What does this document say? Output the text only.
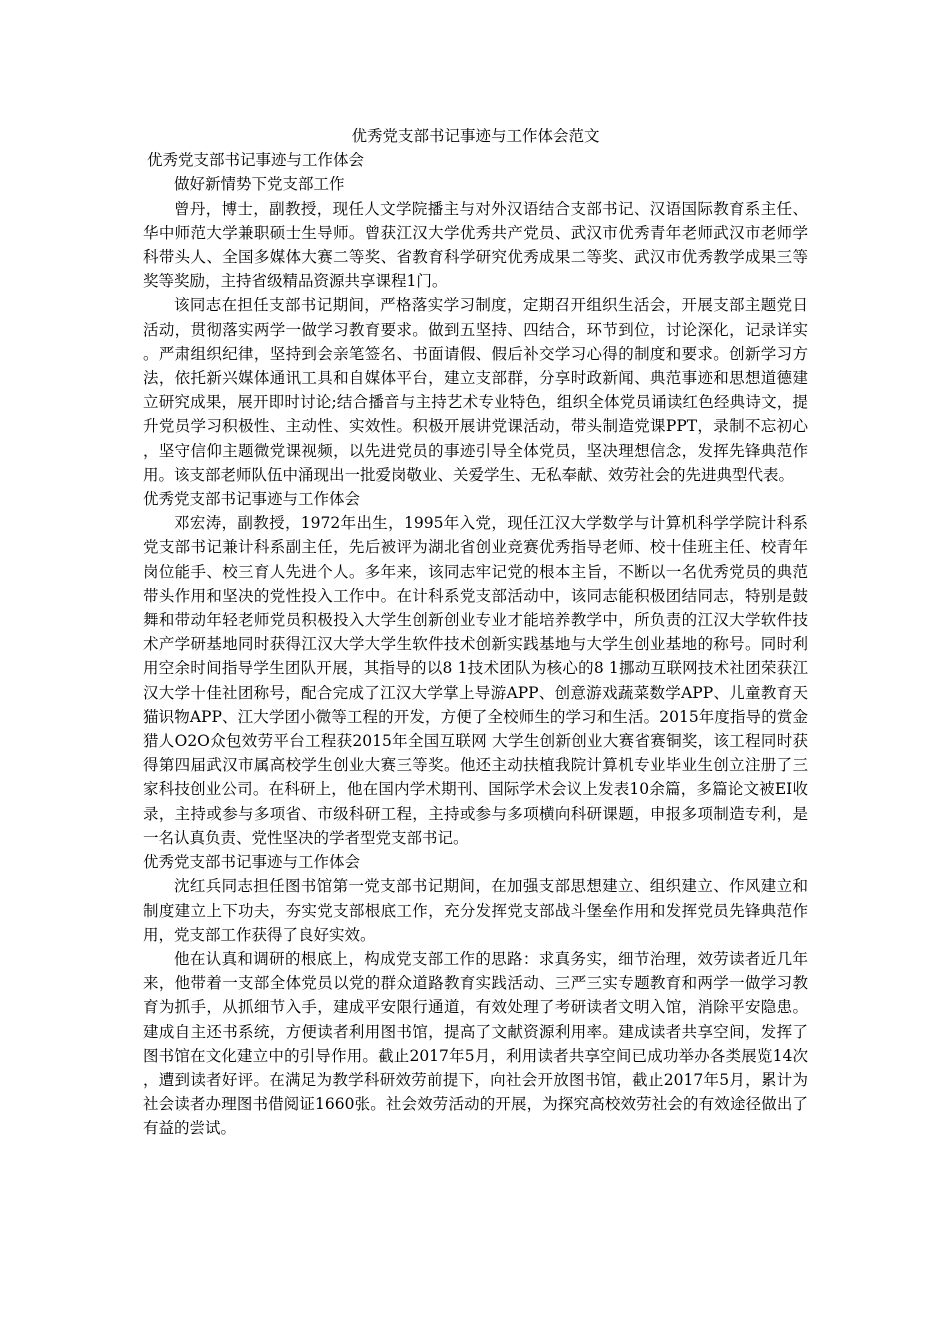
优秀党支部书记事迹与工作体会范文

优秀党支部书记事迹与工作体会

做好新情势下党支部工作

曾丹，博士，副教授，现任人文学院播主与对外汉语结合支部书记、汉语国际教育系主任、华中师范大学兼职硕士生导师。曾获江汉大学优秀共产党员、武汉市优秀青年老师武汉市老师学科带头人、全国多媒体大赛二等奖、省教育科学研究优秀成果二等奖、武汉市优秀教学成果三等奖等奖励，主持省级精品资源共享课程1门。

该同志在担任支部书记期间，严格落实学习制度，定期召开组织生活会，开展支部主题党日活动，贯彻落实两学一做学习教育要求。做到五坚持、四结合，环节到位，讨论深化，记录详实。严肃组织纪律，坚持到会亲笔签名、书面请假、假后补交学习心得的制度和要求。创新学习方法，依托新兴媒体通讯工具和自媒体平台，建立支部群，分享时政新闻、典范事迹和思想道德建立研究成果，展开即时讨论;结合播音与主持艺术专业特色，组织全体党员诵读红色经典诗文，提升党员学习积极性、主动性、实效性。积极开展讲党课活动，带头制造党课PPT，录制不忘初心，坚守信仰主题微党课视频，以先进党员的事迹引导全体党员，坚决理想信念，发挥先锋典范作用。该支部老师队伍中涌现出一批爱岗敬业、关爱学生、无私奉献、效劳社会的先进典型代表。

优秀党支部书记事迹与工作体会

邓宏涛，副教授，1972年出生，1995年入党，现任江汉大学数学与计算机科学学院计科系党支部书记兼计科系副主任，先后被评为湖北省创业竞赛优秀指导老师、校十佳班主任、校青年岗位能手、校三育人先进个人。多年来，该同志牢记党的根本主旨，不断以一名优秀党员的典范带头作用和坚决的党性投入工作中。在计科系党支部活动中，该同志能积极团结同志，特别是鼓舞和带动年轻老师党员积极投入大学生创新创业专业才能培养教学中，所负责的江汉大学软件技术产学研基地同时获得江汉大学大学生软件技术创新实践基地与大学生创业基地的称号。同时利用空余时间指导学生团队开展，其指导的以8 1技术团队为核心的8 1挪动互联网技术社团荣获江汉大学十佳社团称号，配合完成了江汉大学掌上导游APP、创意游戏蔬菜数学APP、儿童教育天猫识物APP、江大学团小微等工程的开发，方便了全校师生的学习和生活。2015年度指导的赏金猎人O2O众包效劳平台工程获2015年全国互联网 大学生创新创业大赛省赛铜奖，该工程同时获得第四届武汉市属高校学生创业大赛三等奖。他还主动扶植我院计算机专业毕业生创立注册了三家科技创业公司。在科研上，他在国内学术期刊、国际学术会议上发表10余篇，多篇论文被EI收录，主持或参与多项省、市级科研工程，主持或参与多项横向科研课题，申报多项制造专利，是一名认真负责、党性坚决的学者型党支部书记。

优秀党支部书记事迹与工作体会

沈红兵同志担任图书馆第一党支部书记期间，在加强支部思想建立、组织建立、作风建立和制度建立上下功夫，夯实党支部根底工作，充分发挥党支部战斗堡垒作用和发挥党员先锋典范作用，党支部工作获得了良好实效。

他在认真和调研的根底上，构成党支部工作的思路：求真务实，细节治理，效劳读者近几年来，他带着一支部全体党员以党的群众道路教育实践活动、三严三实专题教育和两学一做学习教育为抓手，从抓细节入手，建成平安限行通道，有效处理了考研读者文明入馆，消除平安隐患。建成自主还书系统，方便读者利用图书馆，提高了文献资源利用率。建成读者共享空间，发挥了图书馆在文化建立中的引导作用。截止2017年5月，利用读者共享空间已成功举办各类展览14次，遭到读者好评。在满足为教学科研效劳前提下，向社会开放图书馆，截止2017年5月，累计为社会读者办理图书借阅证1660张。社会效劳活动的开展，为探究高校效劳社会的有效途径做出了有益的尝试。
